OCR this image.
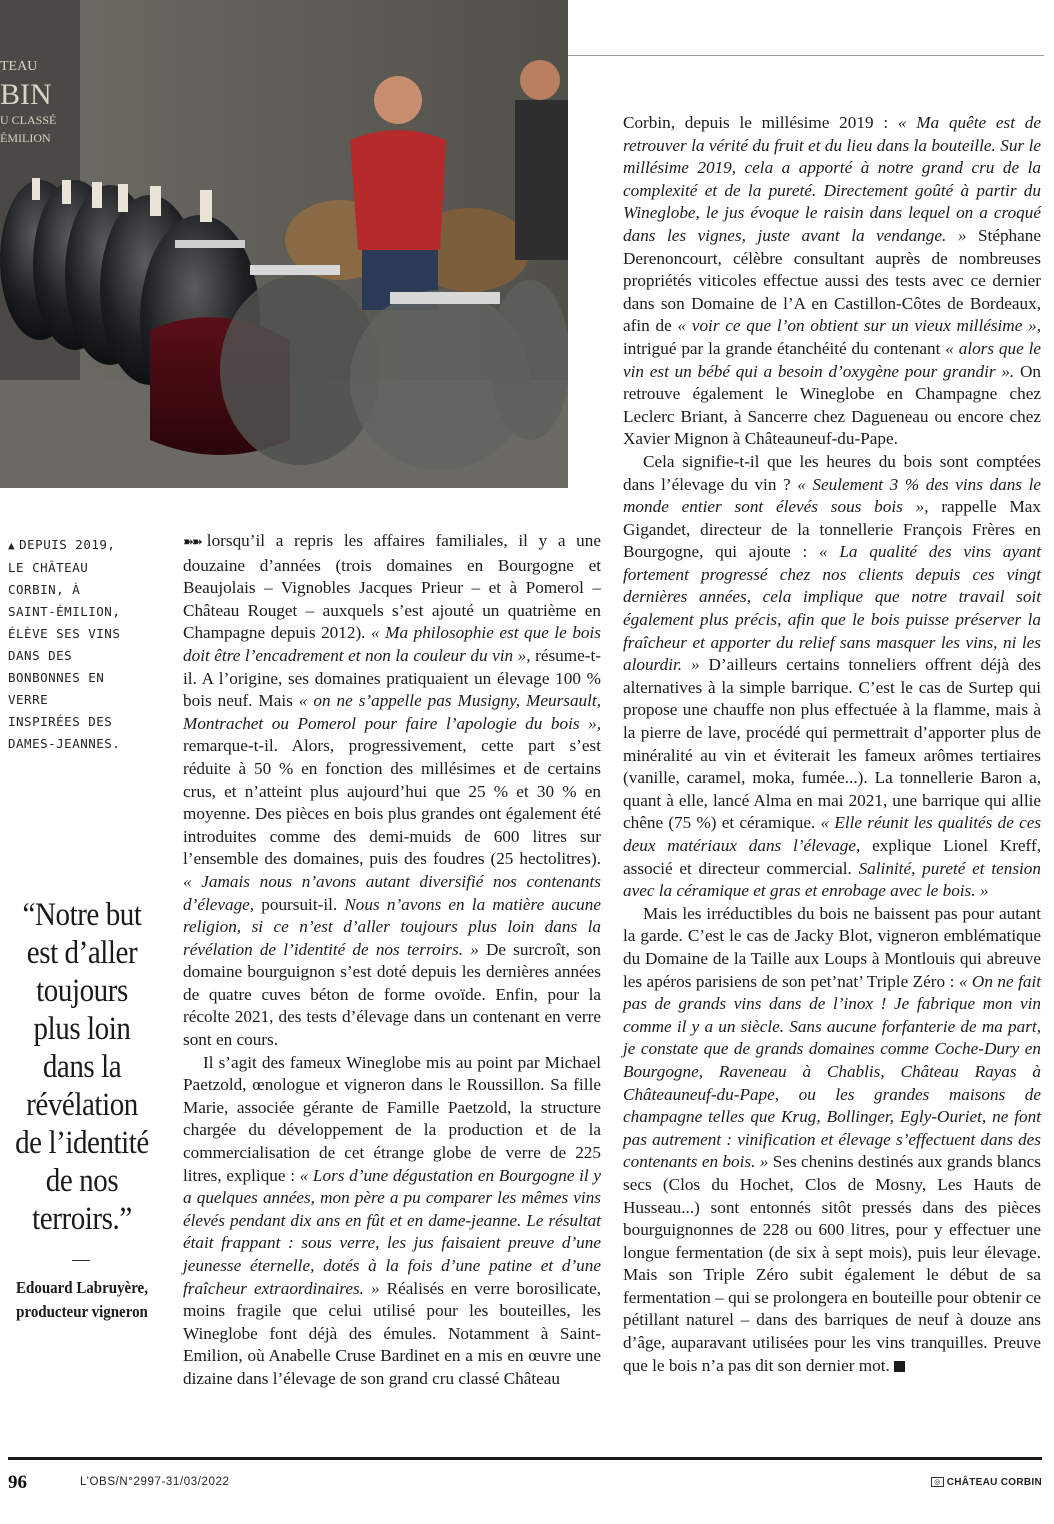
TEAU
BIN
U CLASSÉ
ÉMILION
▲ DEPUIS 2019, LE CHÂTEAU CORBIN, À SAINT-ÉMILION, ÉLÈVE SES VINS DANS DES BONBONNES EN VERRE INSPIRÉES DES DAMES-JEANNES.
“Notre but est d’aller toujours plus loin dans la révélation de l’identité de nos terroirs.”
Edouard Labruyère, producteur vigneron

➽➽ lorsqu’il a repris les affaires familiales, il y a une douzaine d’années (trois domaines en Bourgogne et Beaujolais – Vignobles Jacques Prieur – et à Pomerol – Château Rouget – auxquels s’est ajouté un quatrième en Champagne depuis 2012). « Ma philosophie est que le bois doit être l’encadrement et non la couleur du vin », résume-t-il. A l’origine, ses domaines pratiquaient un élevage 100 % bois neuf. Mais « on ne s’appelle pas Musigny, Meursault, Montrachet ou Pomerol pour faire l’apologie du bois », remarque-t-il. Alors, progressivement, cette part s’est réduite à 50 % en fonction des millésimes et de certains crus, et n’atteint plus aujourd’hui que 25 % et 30 % en moyenne. Des pièces en bois plus grandes ont également été introduites comme des demi-muids de 600 litres sur l’ensemble des domaines, puis des foudres (25 hectolitres). « Jamais nous n’avons autant diversifié nos contenants d’élevage, poursuit-il. Nous n’avons en la matière aucune religion, si ce n’est d’aller toujours plus loin dans la révélation de l’identité de nos terroirs. » De surcroît, son domaine bourguignon s’est doté depuis les dernières années de quatre cuves béton de forme ovoïde. Enfin, pour la récolte 2021, des tests d’élevage dans un contenant en verre sont en cours.

Il s’agit des fameux Wineglobe mis au point par Michael Paetzold, œnologue et vigneron dans le Roussillon. Sa fille Marie, associée gérante de Famille Paetzold, la structure chargée du développement de la production et de la commercialisation de cet étrange globe de verre de 225 litres, explique : « Lors d’une dégustation en Bourgogne il y a quelques années, mon père a pu comparer les mêmes vins élevés pendant dix ans en fût et en dame-jeanne. Le résultat était frappant : sous verre, les jus faisaient preuve d’une jeunesse éternelle, dotés à la fois d’une patine et d’une fraîcheur extraordinaires. » Réalisés en verre borosilicate, moins fragile que celui utilisé pour les bouteilles, les Wineglobe font déjà des émules. Notamment à Saint-Emilion, où Anabelle Cruse Bardinet en a mis en œuvre une dizaine dans l’élevage de son grand cru classé Château

Corbin, depuis le millésime 2019 : « Ma quête est de retrouver la vérité du fruit et du lieu dans la bouteille. Sur le millésime 2019, cela a apporté à notre grand cru de la complexité et de la pureté. Directement goûté à partir du Wineglobe, le jus évoque le raisin dans lequel on a croqué dans les vignes, juste avant la vendange. » Stéphane Derenoncourt, célèbre consultant auprès de nombreuses propriétés viticoles effectue aussi des tests avec ce dernier dans son Domaine de l’A en Castillon-Côtes de Bordeaux, afin de « voir ce que l’on obtient sur un vieux millésime », intrigué par la grande étanchéité du contenant « alors que le vin est un bébé qui a besoin d’oxygène pour grandir ». On retrouve également le Wineglobe en Champagne chez Leclerc Briant, à Sancerre chez Dagueneau ou encore chez Xavier Mignon à Châteauneuf-du-Pape.

Cela signifie-t-il que les heures du bois sont comptées dans l’élevage du vin ? « Seulement 3 % des vins dans le monde entier sont élevés sous bois », rappelle Max Gigandet, directeur de la tonnellerie François Frères en Bourgogne, qui ajoute : « La qualité des vins ayant fortement progressé chez nos clients depuis ces vingt dernières années, cela implique que notre travail soit également plus précis, afin que le bois puisse préserver la fraîcheur et apporter du relief sans masquer les vins, ni les alourdir. » D’ailleurs certains tonneliers offrent déjà des alternatives à la simple barrique. C’est le cas de Surtep qui propose une chauffe non plus effectuée à la flamme, mais à la pierre de lave, procédé qui permettrait d’apporter plus de minéralité au vin et éviterait les fameux arômes tertiaires (vanille, caramel, moka, fumée...). La tonnellerie Baron a, quant à elle, lancé Alma en mai 2021, une barrique qui allie chêne (75 %) et céramique. « Elle réunit les qualités de ces deux matériaux dans l’élevage, explique Lionel Kreff, associé et directeur commercial. Salinité, pureté et tension avec la céramique et gras et enrobage avec le bois. »

Mais les irréductibles du bois ne baissent pas pour autant la garde. C’est le cas de Jacky Blot, vigneron emblématique du Domaine de la Taille aux Loups à Montlouis qui abreuve les apéros parisiens de son pet’nat’ Triple Zéro : « On ne fait pas de grands vins dans de l’inox ! Je fabrique mon vin comme il y a un siècle. Sans aucune forfanterie de ma part, je constate que de grands domaines comme Coche-Dury en Bourgogne, Raveneau à Chablis, Château Rayas à Châteauneuf-du-Pape, ou les grandes maisons de champagne telles que Krug, Bollinger, Egly-Ouriet, ne font pas autrement : vinification et élevage s’effectuent dans des contenants en bois. » Ses chenins destinés aux grands blancs secs (Clos du Hochet, Clos de Mosny, Les Hauts de Husseau...) sont entonnés sitôt pressés dans des pièces bourguignonnes de 228 ou 600 litres, pour y effectuer une longue fermentation (de six à sept mois), puis leur élevage. Mais son Triple Zéro subit également le début de sa fermentation – qui se prolongera en bouteille pour obtenir ce pétillant naturel – dans des barriques de neuf à douze ans d’âge, auparavant utilisées pour les vins tranquilles. Preuve que le bois n’a pas dit son dernier mot.

96	L’OBS/N°2997-31/03/2022	◎ CHÂTEAU CORBIN
